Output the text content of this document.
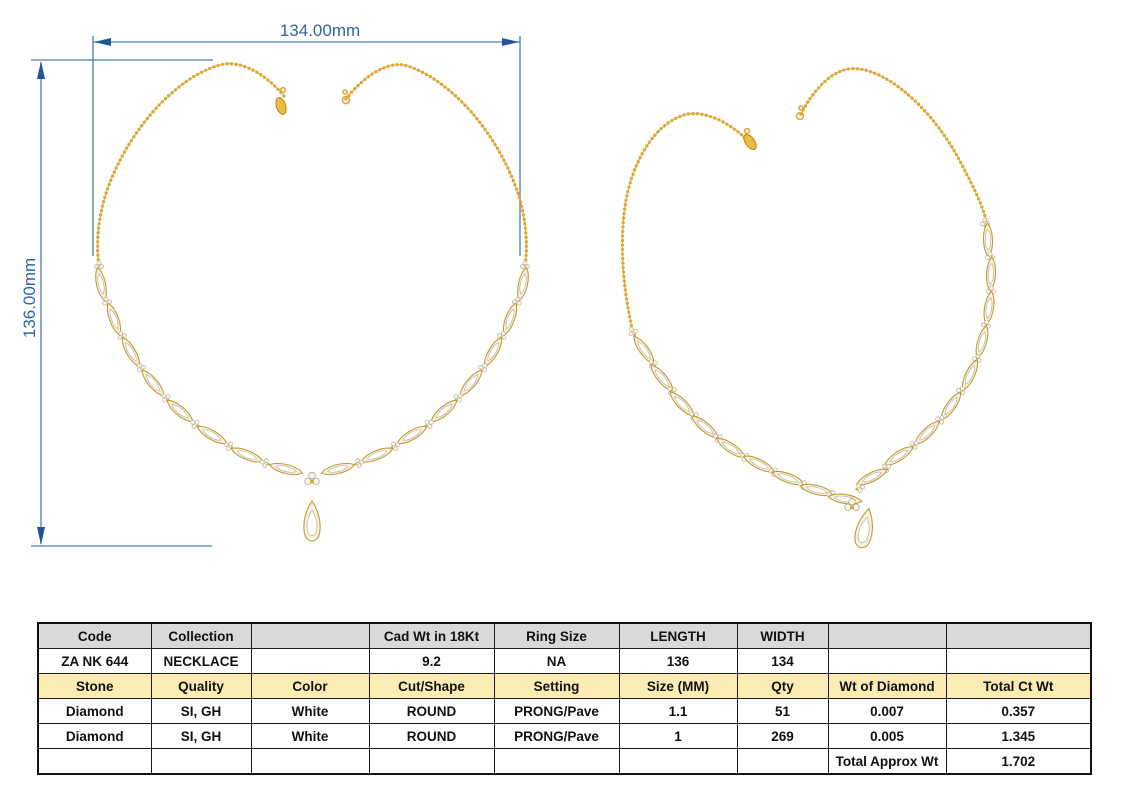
134.00mm
136.00mm
Code	Collection		Cad Wt in 18Kt	Ring Size	LENGTH	WIDTH		
ZA NK 644	NECKLACE		9.2	NA	136	134		
Stone	Quality	Color	Cut/Shape	Setting	Size (MM)	Qty	Wt of Diamond	Total Ct Wt
Diamond	SI, GH	White	ROUND	PRONG/Pave	1.1	51	0.007	0.357
Diamond	SI, GH	White	ROUND	PRONG/Pave	1	269	0.005	1.345
							Total Approx Wt	1.702
